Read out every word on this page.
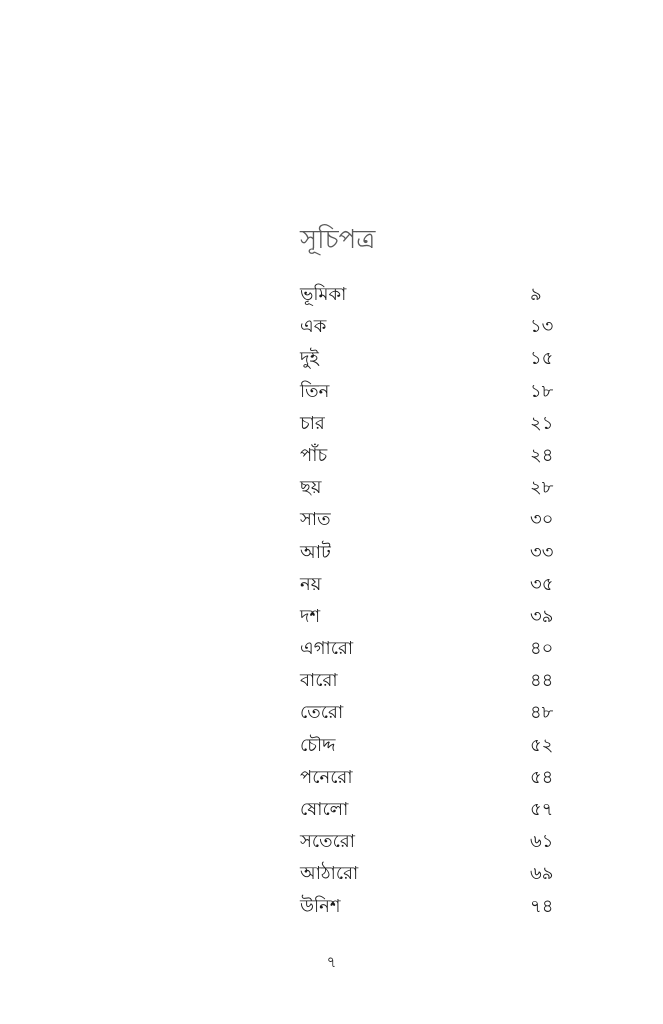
সূচিপত্র
ভূমিকা	৯
এক	১৩
দুই	১৫
তিন	১৮
চার	২১
পাঁচ	২৪
ছয়	২৮
সাত	৩০
আট	৩৩
নয়	৩৫
দশ	৩৯
এগারো	৪০
বারো	৪৪
তেরো	৪৮
চৌদ্দ	৫২
পনেরো	৫৪
ষোলো	৫৭
সতেরো	৬১
আঠারো	৬৯
উনিশ	৭৪
৭
